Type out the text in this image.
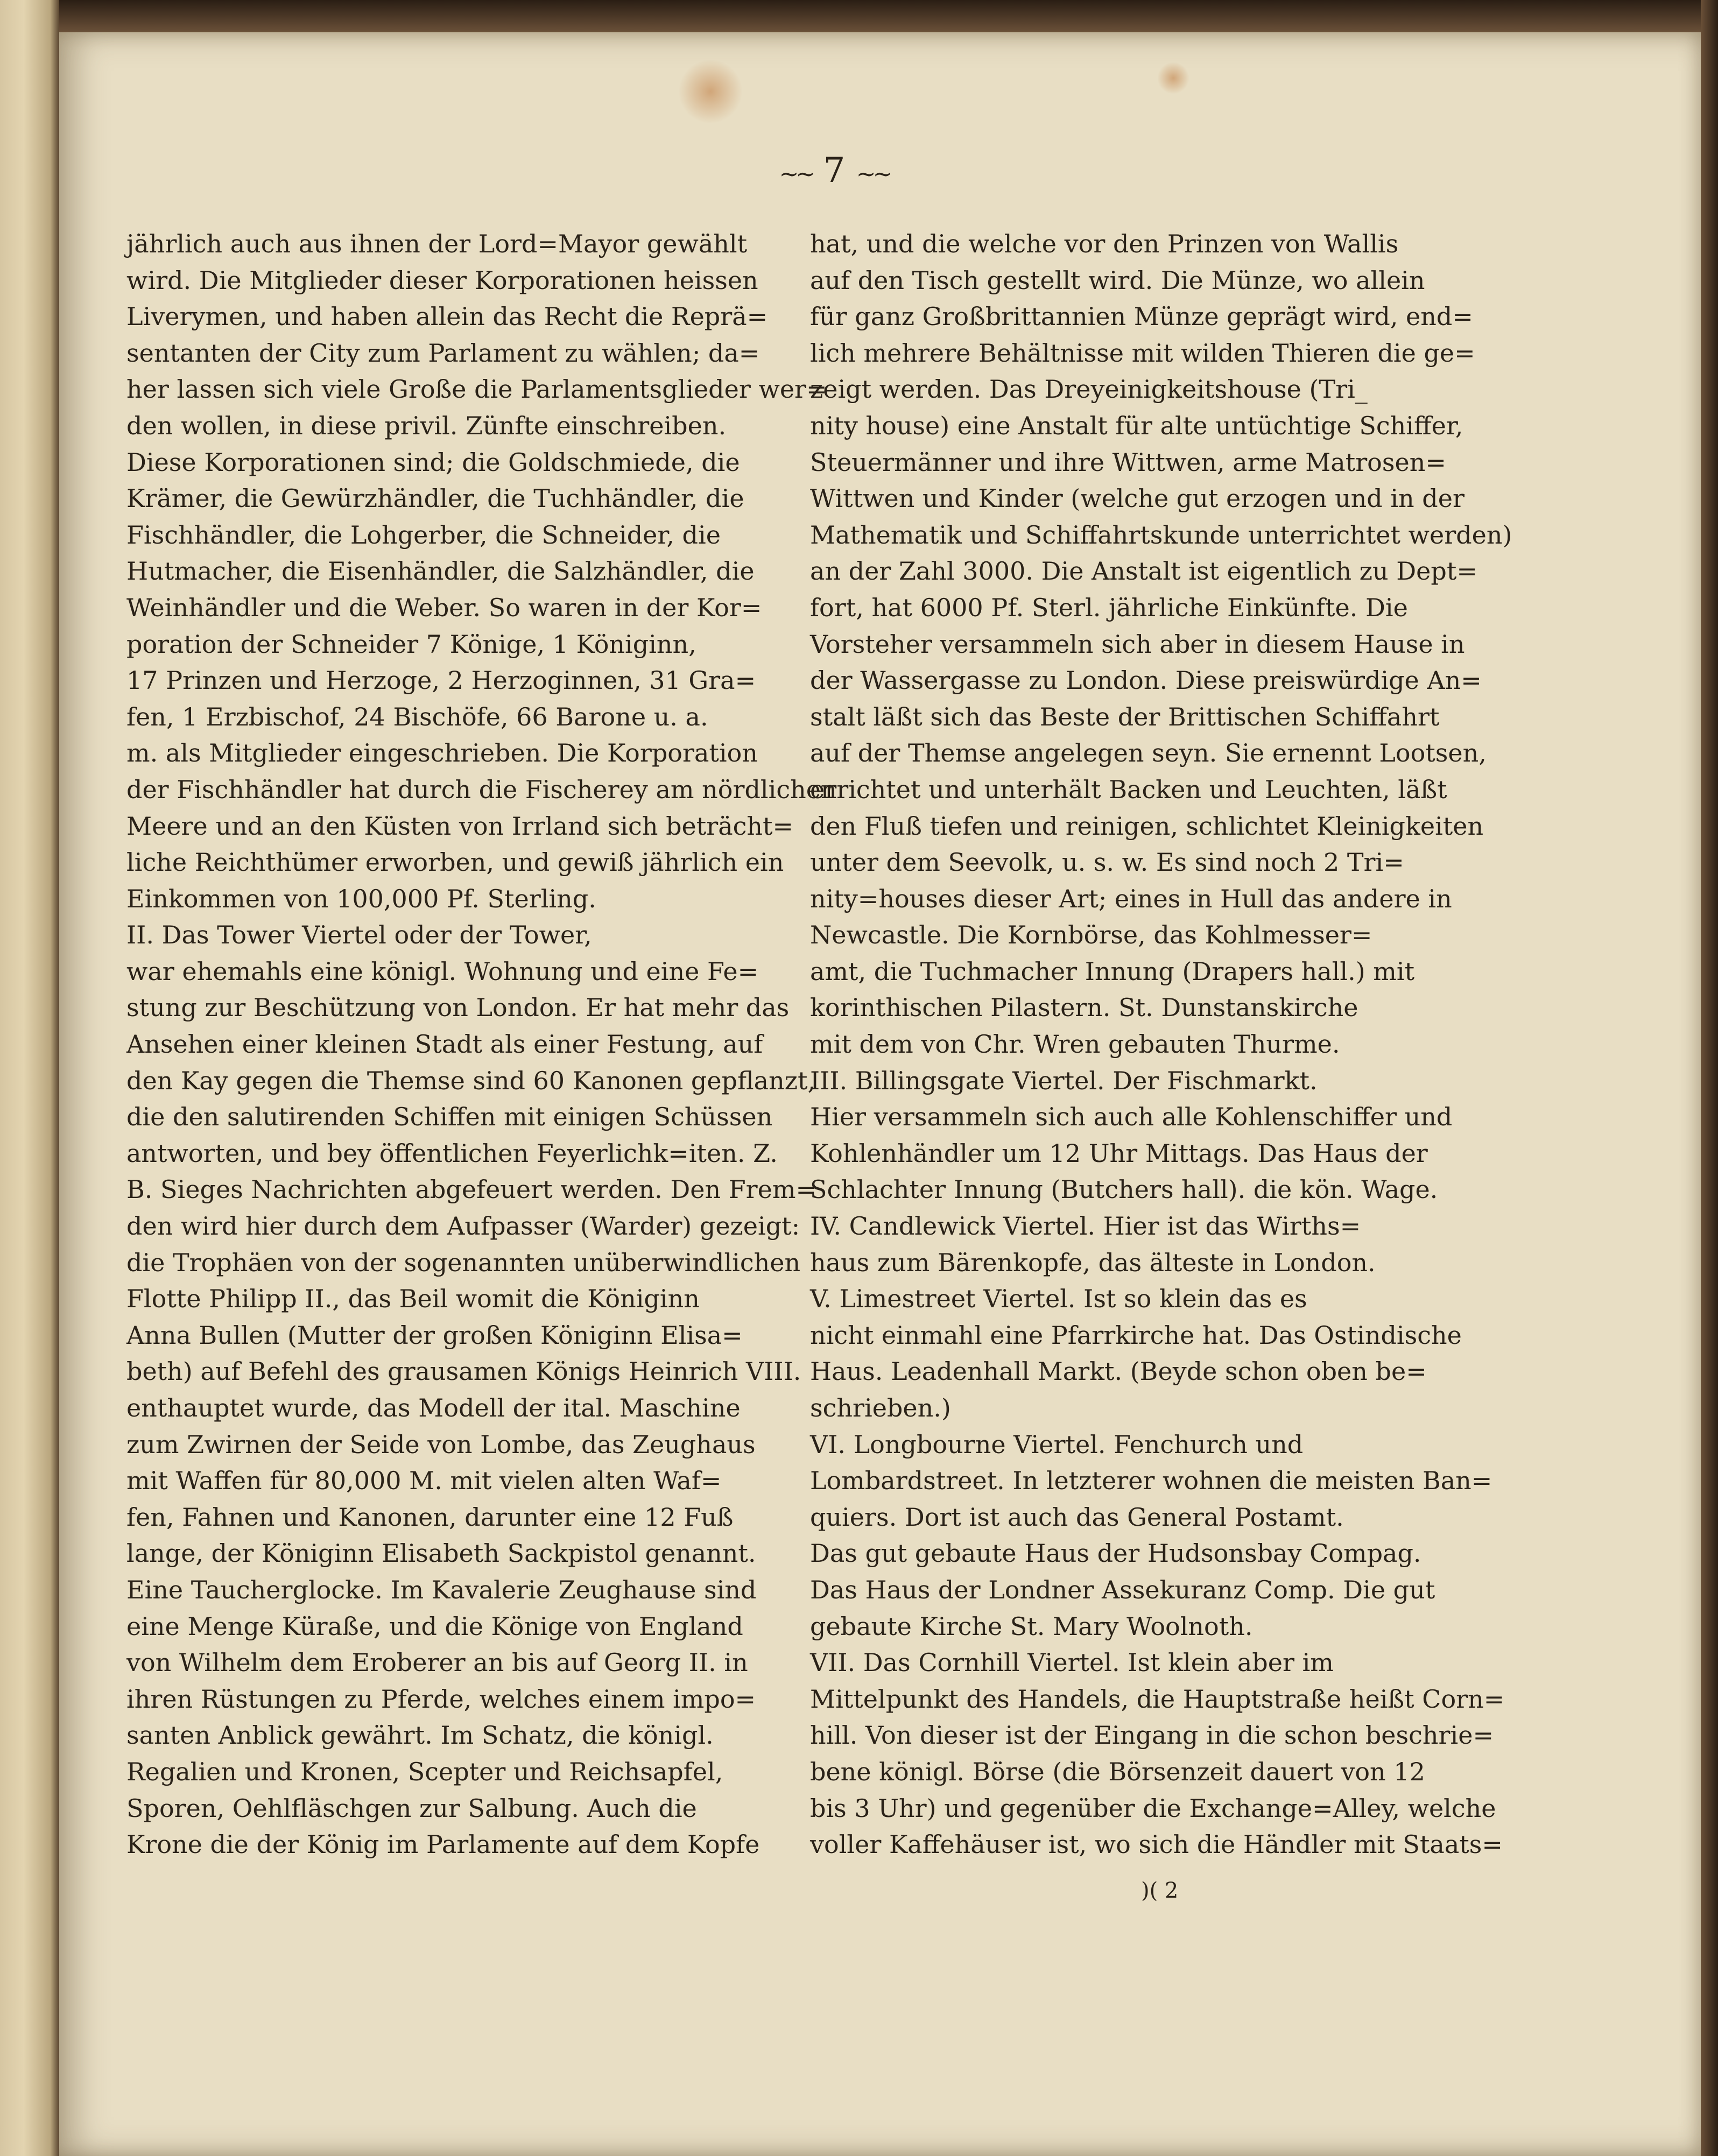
~~ 7 ~~
jährlich auch aus ihnen der Lord=Mayor gewählt
wird. Die Mitglieder dieser Korporationen heissen
Liverymen, und haben allein das Recht die Reprä=
sentanten der City zum Parlament zu wählen; da=
her lassen sich viele Große die Parlamentsglieder wer=
den wollen, in diese privil. Zünfte einschreiben.
Diese Korporationen sind; die Goldschmiede, die
Krämer, die Gewürzhändler, die Tuchhändler, die
Fischhändler, die Lohgerber, die Schneider, die
Hutmacher, die Eisenhändler, die Salzhändler, die
Weinhändler und die Weber. So waren in der Kor=
poration der Schneider 7 Könige, 1 Königinn,
17 Prinzen und Herzoge, 2 Herzoginnen, 31 Gra=
fen, 1 Erzbischof, 24 Bischöfe, 66 Barone u. a.
m. als Mitglieder eingeschrieben. Die Korporation
der Fischhändler hat durch die Fischerey am nördlichen
Meere und an den Küsten von Irrland sich beträcht=
liche Reichthümer erworben, und gewiß jährlich ein
Einkommen von 100,000 Pf. Sterling.
II. Das Tower Viertel oder der Tower,
war ehemahls eine königl. Wohnung und eine Fe=
stung zur Beschützung von London. Er hat mehr das
Ansehen einer kleinen Stadt als einer Festung, auf
den Kay gegen die Themse sind 60 Kanonen gepflanzt,
die den salutirenden Schiffen mit einigen Schüssen
antworten, und bey öffentlichen Feyerlichk=iten. Z.
B. Sieges Nachrichten abgefeuert werden. Den Frem=
den wird hier durch dem Aufpasser (Warder) gezeigt:
die Trophäen von der sogenannten unüberwindlichen
Flotte Philipp II., das Beil womit die Königinn
Anna Bullen (Mutter der großen Königinn Elisa=
beth) auf Befehl des grausamen Königs Heinrich VIII.
enthauptet wurde, das Modell der ital. Maschine
zum Zwirnen der Seide von Lombe, das Zeughaus
mit Waffen für 80,000 M. mit vielen alten Waf=
fen, Fahnen und Kanonen, darunter eine 12 Fuß
lange, der Königinn Elisabeth Sackpistol genannt.
Eine Taucherglocke. Im Kavalerie Zeughause sind
eine Menge Küraße, und die Könige von England
von Wilhelm dem Eroberer an bis auf Georg II. in
ihren Rüstungen zu Pferde, welches einem impo=
santen Anblick gewährt. Im Schatz, die königl.
Regalien und Kronen, Scepter und Reichsapfel,
Sporen, Oehlfläschgen zur Salbung. Auch die
Krone die der König im Parlamente auf dem Kopfe
hat, und die welche vor den Prinzen von Wallis
auf den Tisch gestellt wird. Die Münze, wo allein
für ganz Großbrittannien Münze geprägt wird, end=
lich mehrere Behältnisse mit wilden Thieren die ge=
zeigt werden. Das Dreyeinigkeitshouse (Tri_
nity house) eine Anstalt für alte untüchtige Schiffer,
Steuermänner und ihre Wittwen, arme Matrosen=
Wittwen und Kinder (welche gut erzogen und in der
Mathematik und Schiffahrtskunde unterrichtet werden)
an der Zahl 3000. Die Anstalt ist eigentlich zu Dept=
fort, hat 6000 Pf. Sterl. jährliche Einkünfte. Die
Vorsteher versammeln sich aber in diesem Hause in
der Wassergasse zu London. Diese preiswürdige An=
stalt läßt sich das Beste der Brittischen Schiffahrt
auf der Themse angelegen seyn. Sie ernennt Lootsen,
errichtet und unterhält Backen und Leuchten, läßt
den Fluß tiefen und reinigen, schlichtet Kleinigkeiten
unter dem Seevolk, u. s. w. Es sind noch 2 Tri=
nity=houses dieser Art; eines in Hull das andere in
Newcastle. Die Kornbörse, das Kohlmesser=
amt, die Tuchmacher Innung (Drapers hall.) mit
korinthischen Pilastern. St. Dunstanskirche
mit dem von Chr. Wren gebauten Thurme.
III. Billingsgate Viertel. Der Fischmarkt.
Hier versammeln sich auch alle Kohlenschiffer und
Kohlenhändler um 12 Uhr Mittags. Das Haus der
Schlachter Innung (Butchers hall). die kön. Wage.
IV. Candlewick Viertel. Hier ist das Wirths=
haus zum Bärenkopfe, das älteste in London.
V. Limestreet Viertel. Ist so klein das es
nicht einmahl eine Pfarrkirche hat. Das Ostindische
Haus. Leadenhall Markt. (Beyde schon oben be=
schrieben.)
VI. Longbourne Viertel. Fenchurch und
Lombardstreet. In letzterer wohnen die meisten Ban=
quiers. Dort ist auch das General Postamt.
Das gut gebaute Haus der Hudsonsbay Compag.
Das Haus der Londner Assekuranz Comp. Die gut
gebaute Kirche St. Mary Woolnoth.
VII. Das Cornhill Viertel. Ist klein aber im
Mittelpunkt des Handels, die Hauptstraße heißt Corn=
hill. Von dieser ist der Eingang in die schon beschrie=
bene königl. Börse (die Börsenzeit dauert von 12
bis 3 Uhr) und gegenüber die Exchange=Alley, welche
voller Kaffehäuser ist, wo sich die Händler mit Staats=
)( 2
